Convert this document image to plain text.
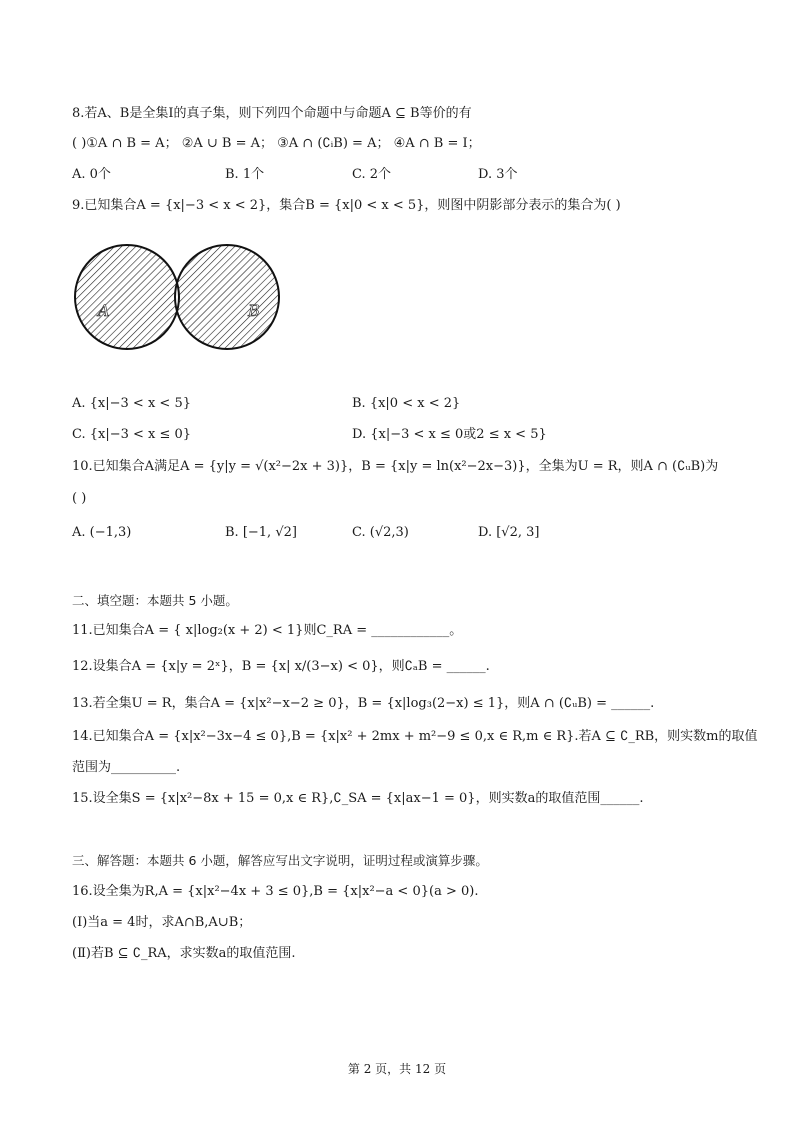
8.若A、B是全集I的真子集，则下列四个命题中与命题A ⊆ B等价的有
( )①A ∩ B = A； ②A ∪ B = A； ③A ∩ (∁ᵢB) = A； ④A ∩ B = I；
A. 0个	B. 1个	C. 2个	D. 3个
9.已知集合A = {x|−3 < x < 2}，集合B = {x|0 < x < 5}，则图中阴影部分表示的集合为( )
A	B
A. {x|−3 < x < 5}	B. {x|0 < x < 2}
C. {x|−3 < x ≤ 0}	D. {x|−3 < x ≤ 0或2 ≤ x < 5}
10.已知集合A满足A = {y|y = √(x²−2x + 3)}，B = {x|y = ln(x²−2x−3)}，全集为U = R，则A ∩ (∁ᵤB)为
( )
A. (−1,3)	B. [−1, √2]	C. (√2,3)	D. [√2, 3]
二、填空题：本题共 5 小题。
11.已知集合A = { x|log₂(x + 2) < 1}则C_RA = ____________。
12.设集合A = {x|y = 2ˣ}，B = {x| x/(3−x) < 0}，则∁ₐB = ______.
13.若全集U = R，集合A = {x|x²−x−2 ≥ 0}，B = {x|log₃(2−x) ≤ 1}，则A ∩ (∁ᵤB) = ______.
14.已知集合A = {x|x²−3x−4 ≤ 0},B = {x|x² + 2mx + m²−9 ≤ 0,x ∈ R,m ∈ R}.若A ⊆ ∁_RB，则实数m的取值
范围为__________.
15.设全集S = {x|x²−8x + 15 = 0,x ∈ R},∁_SA = {x|ax−1 = 0}，则实数a的取值范围______.
三、解答题：本题共 6 小题，解答应写出文字说明，证明过程或演算步骤。
16.设全集为R,A = {x|x²−4x + 3 ≤ 0},B = {x|x²−a < 0}(a > 0).
(Ⅰ)当a = 4时，求A∩B,A∪B；
(Ⅱ)若B ⊆ ∁_RA，求实数a的取值范围.
第 2 页，共 12 页
